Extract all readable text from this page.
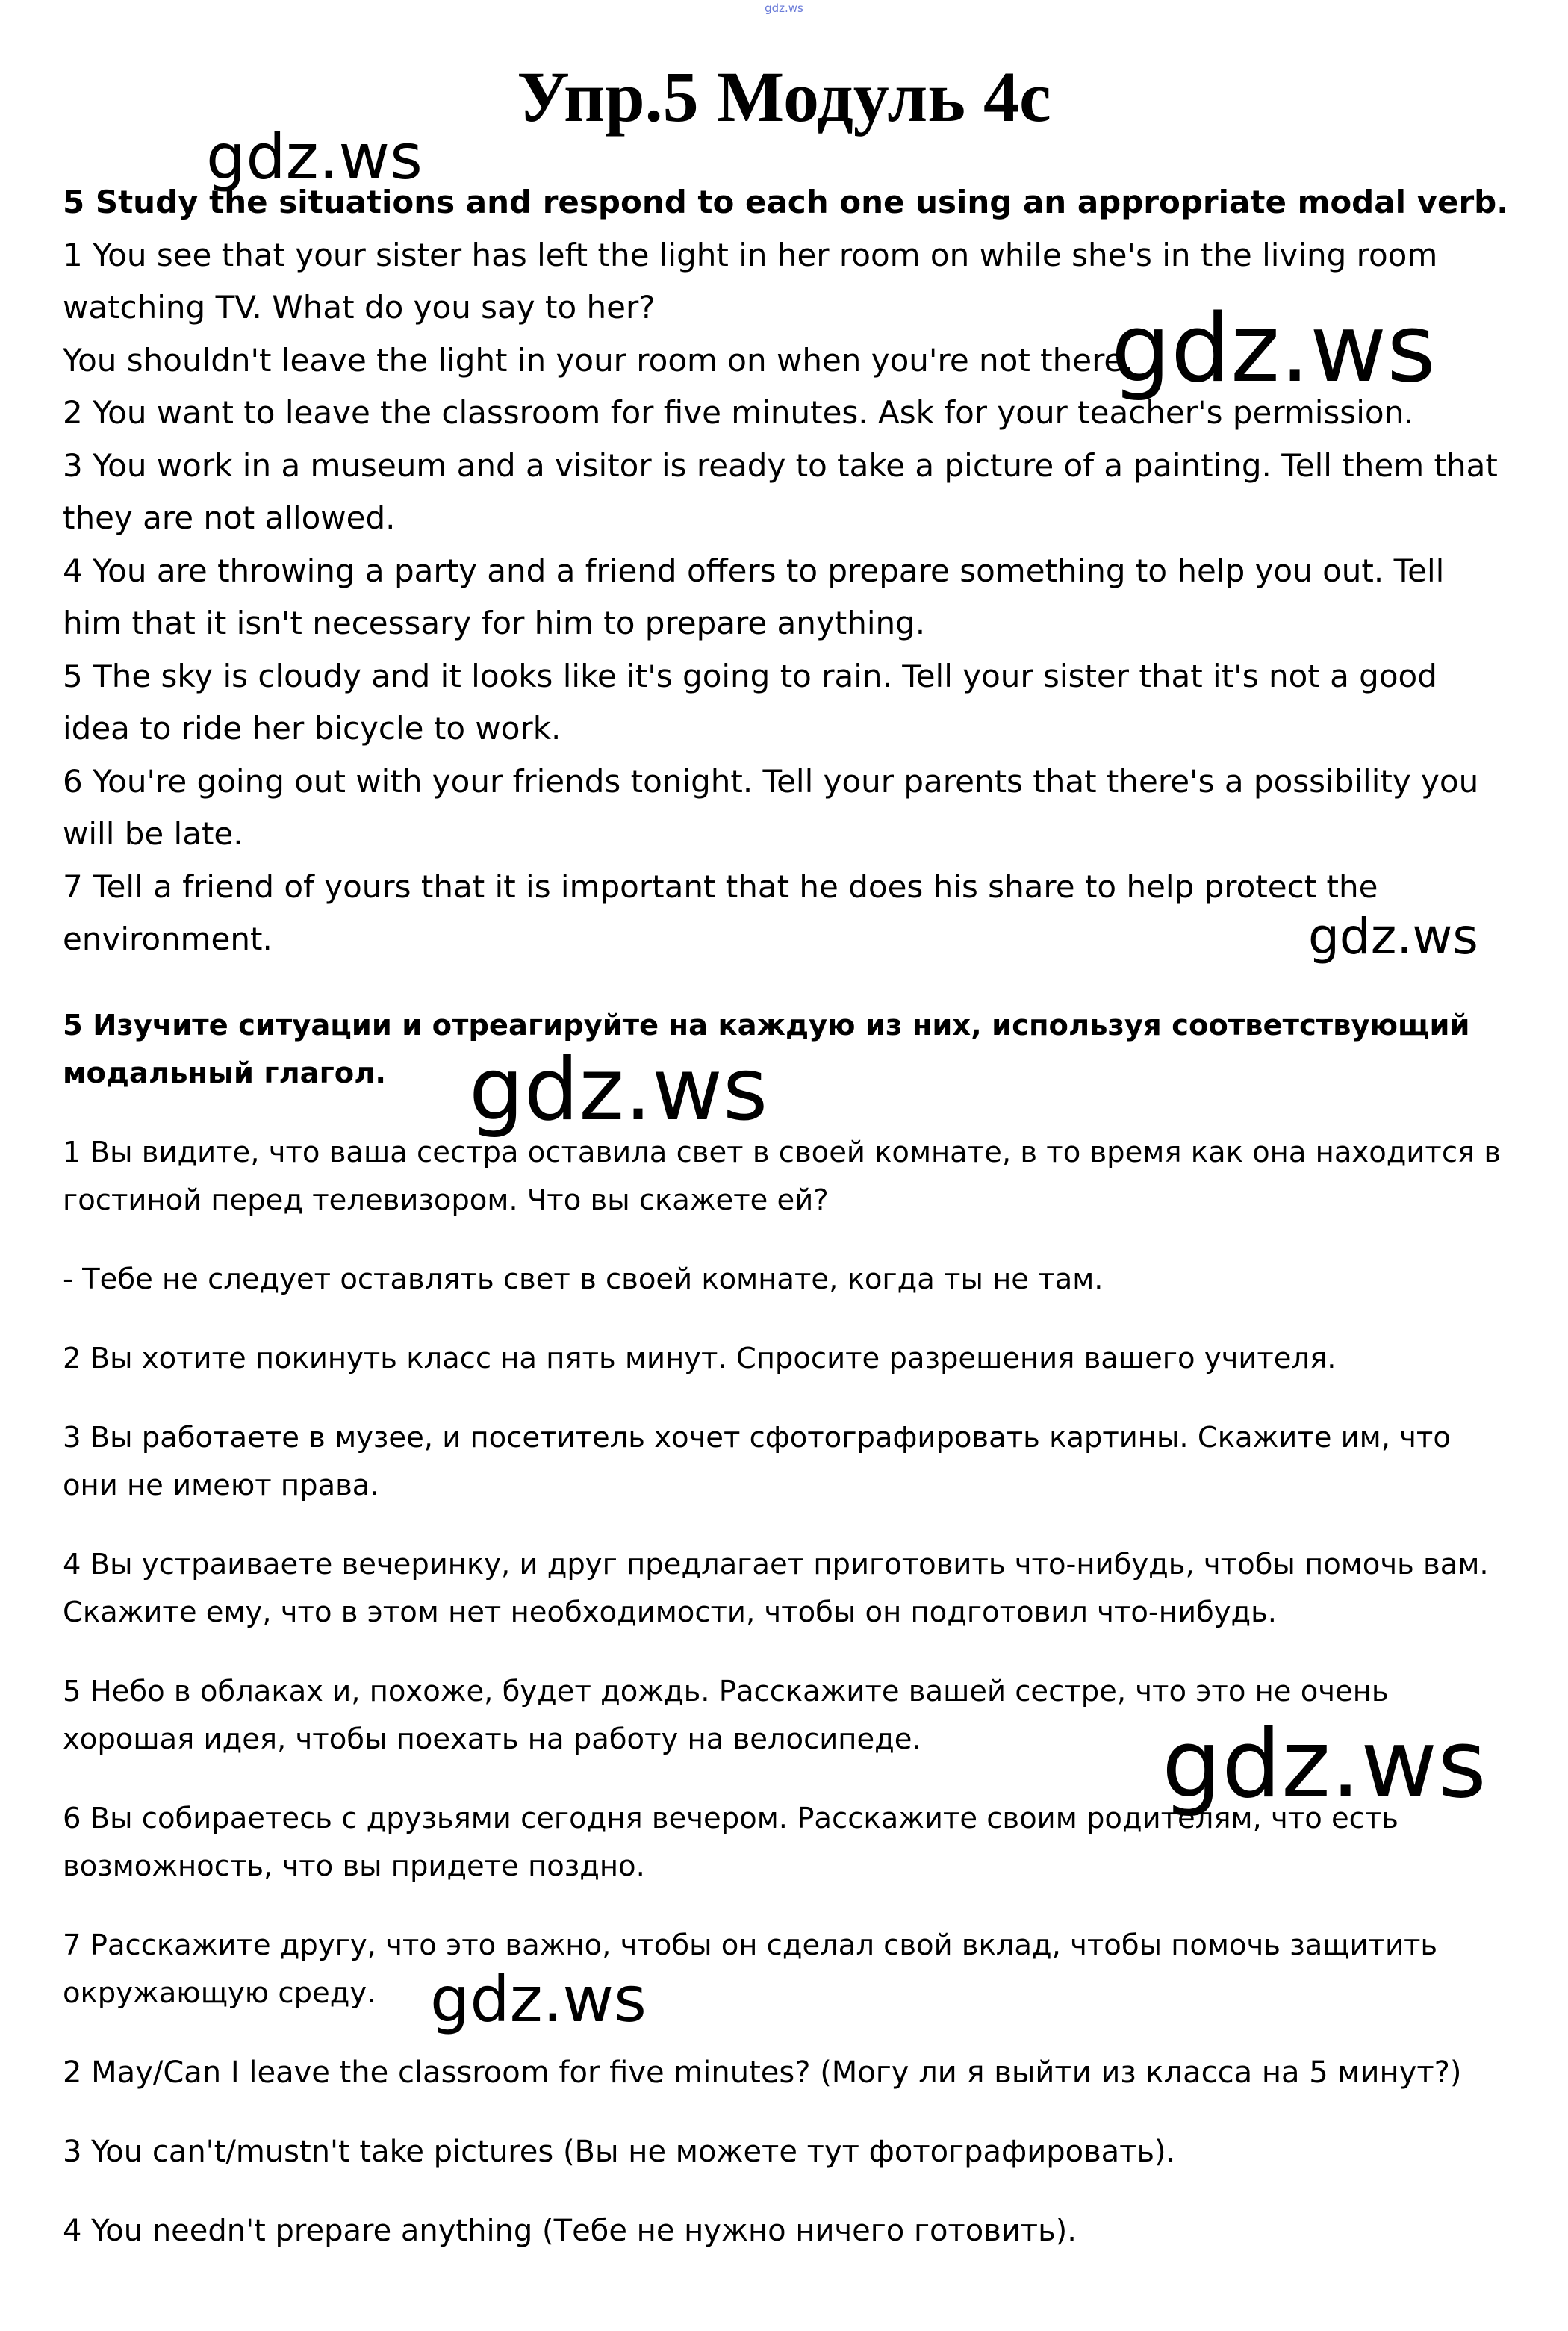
gdz.ws
Упр.5 Модуль 4c

5 Study the situations and respond to each one using an appropriate modal verb.

1 You see that your sister has left the light in her room on while she's in the living room watching TV. What do you say to her?

You shouldn't leave the light in your room on when you're not there.

2 You want to leave the classroom for five minutes. Ask for your teacher's permission.

3 You work in a museum and a visitor is ready to take a picture of a painting. Tell them that they are not allowed.

4 You are throwing a party and a friend offers to prepare something to help you out. Tell him that it isn't necessary for him to prepare anything.

5 The sky is cloudy and it looks like it's going to rain. Tell your sister that it's not a good idea to ride her bicycle to work.

6 You're going out with your friends tonight. Tell your parents that there's a possibility you will be late.

7 Tell a friend of yours that it is important that he does his share to help protect the environment.

5 Изучите ситуации и отреагируйте на каждую из них, используя соответствующий модальный глагол.

1 Вы видите, что ваша сестра оставила свет в своей комнате, в то время как она находится в гостиной перед телевизором. Что вы скажете ей?

- Тебе не следует оставлять свет в своей комнате, когда ты не там.

2 Вы хотите покинуть класс на пять минут. Спросите разрешения вашего учителя.

3 Вы работаете в музее, и посетитель хочет сфотографировать картины. Скажите им, что они не имеют права.

4 Вы устраиваете вечеринку, и друг предлагает приготовить что-нибудь, чтобы помочь вам. Скажите ему, что в этом нет необходимости, чтобы он подготовил что-нибудь.

5 Небо в облаках и, похоже, будет дождь. Расскажите вашей сестре, что это не очень хорошая идея, чтобы поехать на работу на велосипеде.

6 Вы собираетесь с друзьями сегодня вечером. Расскажите своим родителям, что есть возможность, что вы придете поздно.

7 Расскажите другу, что это важно, чтобы он сделал свой вклад, чтобы помочь защитить окружающую среду.

2 May/Can I leave the classroom for five minutes? (Могу ли я выйти из класса на 5 минут?)

3 You can't/mustn't take pictures (Вы не можете тут фотографировать).

4 You needn't prepare anything (Тебе не нужно ничего готовить).

gdz.ws
gdz.ws
gdz.ws
gdz.ws
gdz.ws
gdz.ws
